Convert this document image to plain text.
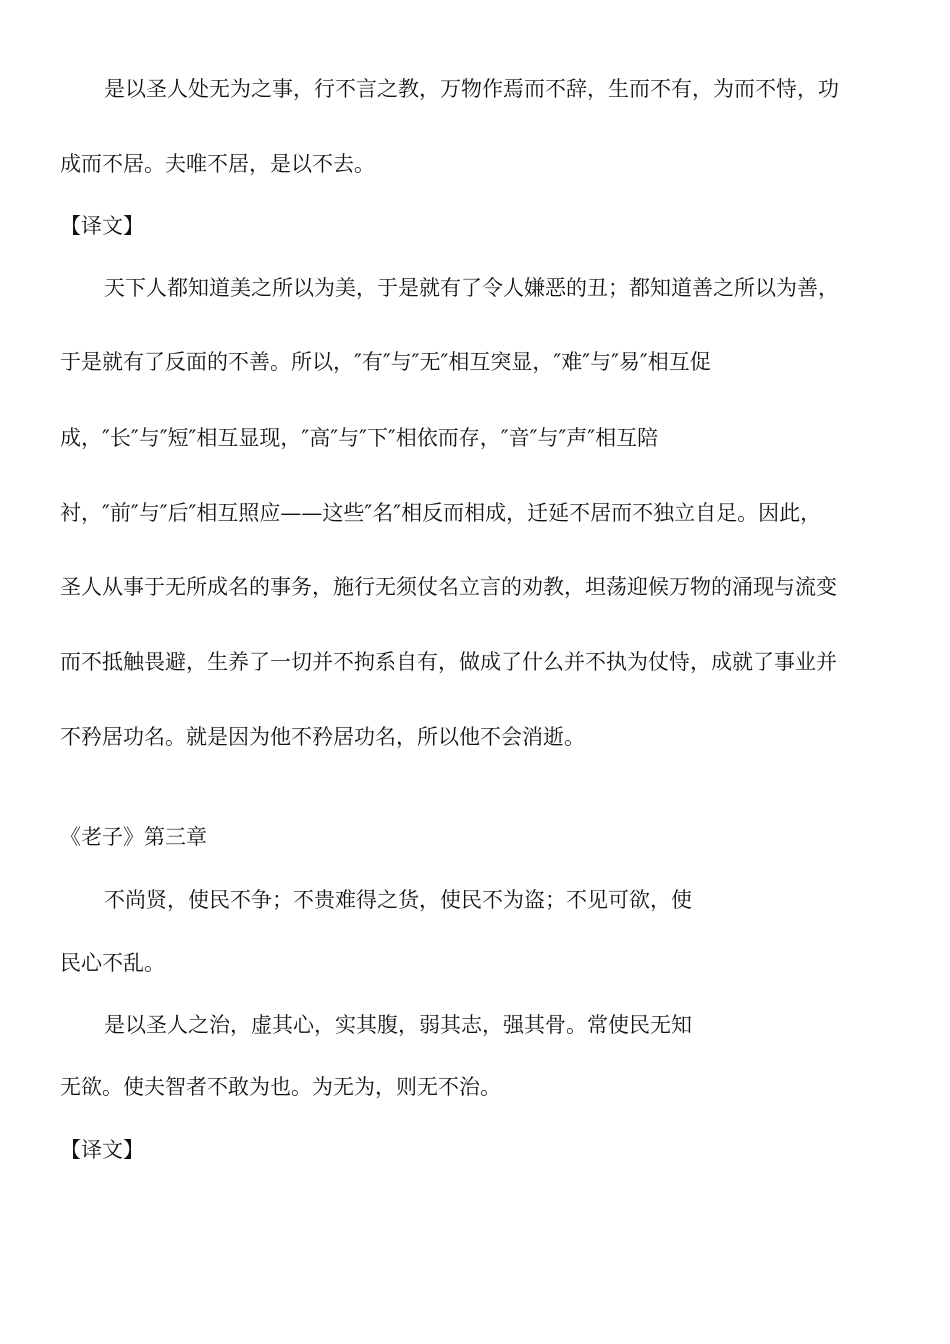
是以圣人处无为之事，行不言之教，万物作焉而不辞，生而不有，为而不恃，功
成而不居。夫唯不居，是以不去。
【译文】
天下人都知道美之所以为美，于是就有了令人嫌恶的丑；都知道善之所以为善，
于是就有了反面的不善。所以，″有″与″无″相互突显，″难″与″易″相互促
成，″长″与″短″相互显现，″高″与″下″相依而存，″音″与″声″相互陪
衬，″前″与″后″相互照应——这些″名″相反而相成，迁延不居而不独立自足。因此，
圣人从事于无所成名的事务，施行无须仗名立言的劝教，坦荡迎候万物的涌现与流变
而不抵触畏避，生养了一切并不拘系自有，做成了什么并不执为仗恃，成就了事业并
不矜居功名。就是因为他不矜居功名，所以他不会消逝。
《老子》第三章
不尚贤，使民不争；不贵难得之货，使民不为盗；不见可欲，使
民心不乱。
是以圣人之治，虚其心，实其腹，弱其志，强其骨。常使民无知
无欲。使夫智者不敢为也。为无为，则无不治。
【译文】
